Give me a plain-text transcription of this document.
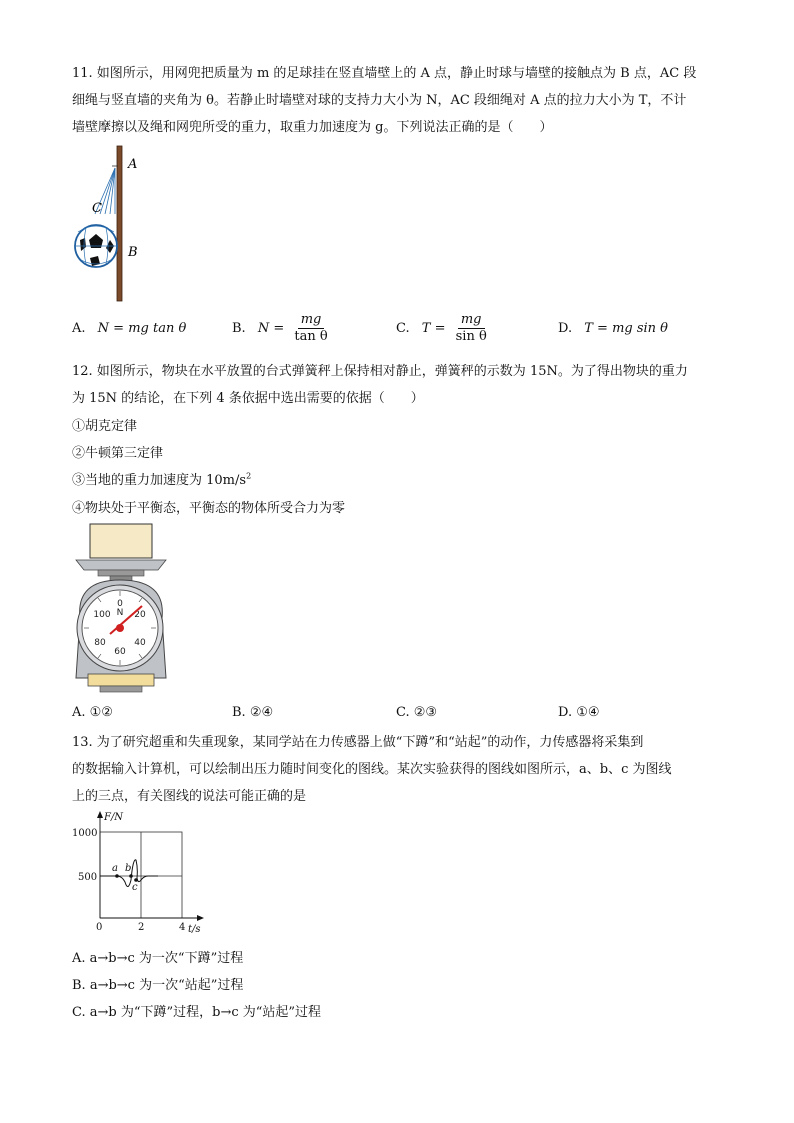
11. 如图所示，用网兜把质量为 m 的足球挂在竖直墙壁上的 A 点，静止时球与墙壁的接触点为 B 点，AC 段
细绳与竖直墙的夹角为 θ。若静止时墙壁对球的支持力大小为 N，AC 段细绳对 A 点的拉力大小为 T，不计
墙壁摩擦以及绳和网兜所受的重力，取重力加速度为 g。下列说法正确的是（　　）
A
C
B
A. N = mg tan θ	B. $N = \frac{mg}{\text{tan θ}}$	C. $T = \frac{mg}{\text{sin θ}}$	D. T = mg sin θ
12. 如图所示，物块在水平放置的台式弹簧秤上保持相对静止，弹簧秤的示数为 15N。为了得出物块的重力
为 15N 的结论，在下列 4 条依据中选出需要的依据（　　）
①胡克定律
②牛顿第三定律
③当地的重力加速度为 $10m/s^2$
④物块处于平衡态，平衡态的物体所受合力为零
0
N 20
40
60
80
100
A. ①②	B. ②④	C. ②③	D. ①④
13. 为了研究超重和失重现象，某同学站在力传感器上做“下蹲”和“站起”的动作，力传感器将采集到
的数据输入计算机，可以绘制出压力随时间变化的图线。某次实验获得的图线如图所示，a、b、c 为图线
上的三点，有关图线的说法可能正确的是
F/N
1000
500
0	2	4 t/s
a b
c
A. a→b→c 为一次“下蹲”过程
B. a→b→c 为一次“站起”过程
C. a→b 为“下蹲”过程，b→c 为“站起”过程
